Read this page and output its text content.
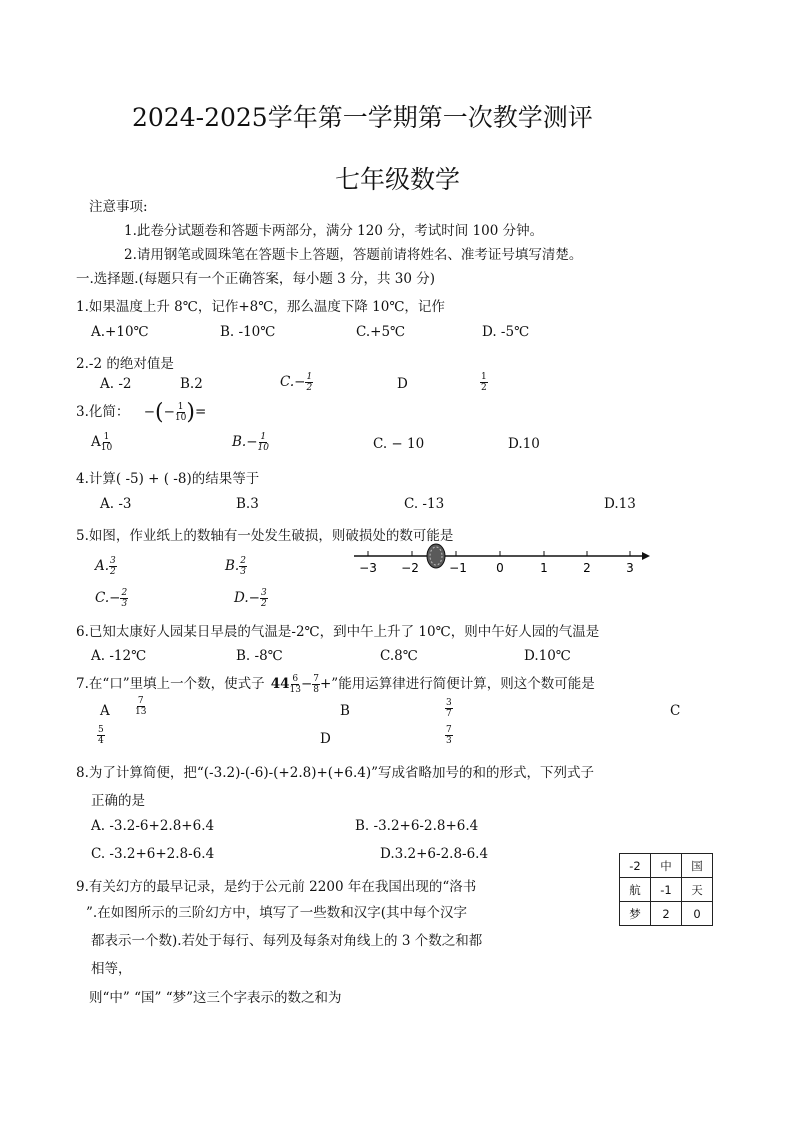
2024-2025学年第一学期第一次教学测评
七年级数学
注意事项:
1.此卷分试题卷和答题卡两部分，满分 120 分，考试时间 100 分钟。
2.请用钢笔或圆珠笔在答题卡上答题，答题前请将姓名、准考证号填写清楚。
一.选择题.(每题只有一个正确答案，每小题 3 分，共 30 分)
1.如果温度上升 8℃，记作+8℃，那么温度下降 10℃，记作
A.+10℃	B. -10℃	C.+5℃	D. -5℃
2.-2 的绝对值是
A. -2	B.2	$C.- \frac{1}{2}$	D	$\frac{1}{2}$
3.化简： −(− $\frac{1}{10}$ )=
A $\frac{1}{10}$	$B.- \frac{1}{10}$	C. − 10	D.10
4.计算( -5) + ( -8)的结果等于
A. -3	B.3	C. -13	D.13
5.如图，作业纸上的数轴有一处发生破损，则破损处的数可能是
A. $\frac{3}{2}$	B. $\frac{2}{3}$
$C.- \frac{2}{3}$	$D.- \frac{3}{2}$
−3 −2	−1 0	1	2	3
6.已知太康好人园某日早晨的气温是-2℃，到中午上升了 10℃，则中午好人园的气温是
A. -12℃	B. -8℃	C.8℃	D.10℃
7.在“口”里填上一个数，使式子 $44 \frac{6}{13} - \frac{7}{8}$ +”能用运算律进行简便计算，则这个数可能是
A	$\frac{7}{13}$	B	$\frac{3}{7}$	C
$\frac{5}{4}$	D	$\frac{7}{3}$
8.为了计算简便，把“(-3.2)-(-6)-(+2.8)+(+6.4)”写成省略加号的和的形式，下列式子
正确的是
A. -3.2-6+2.8+6.4	B. -3.2+6-2.8+6.4
C. -3.2+6+2.8-6.4	D.3.2+6-2.8-6.4
9.有关幻方的最早记录，是约于公元前 2200 年在我国出现的“洛书
”.在如图所示的三阶幻方中，填写了一些数和汉字(其中每个汉字
都表示一个数).若处于每行、每列及每条对角线上的 3 个数之和都
相等，
则“中” “国” “梦”这三个字表示的数之和为
-2	中	国
航	-1	天
梦	2	0
